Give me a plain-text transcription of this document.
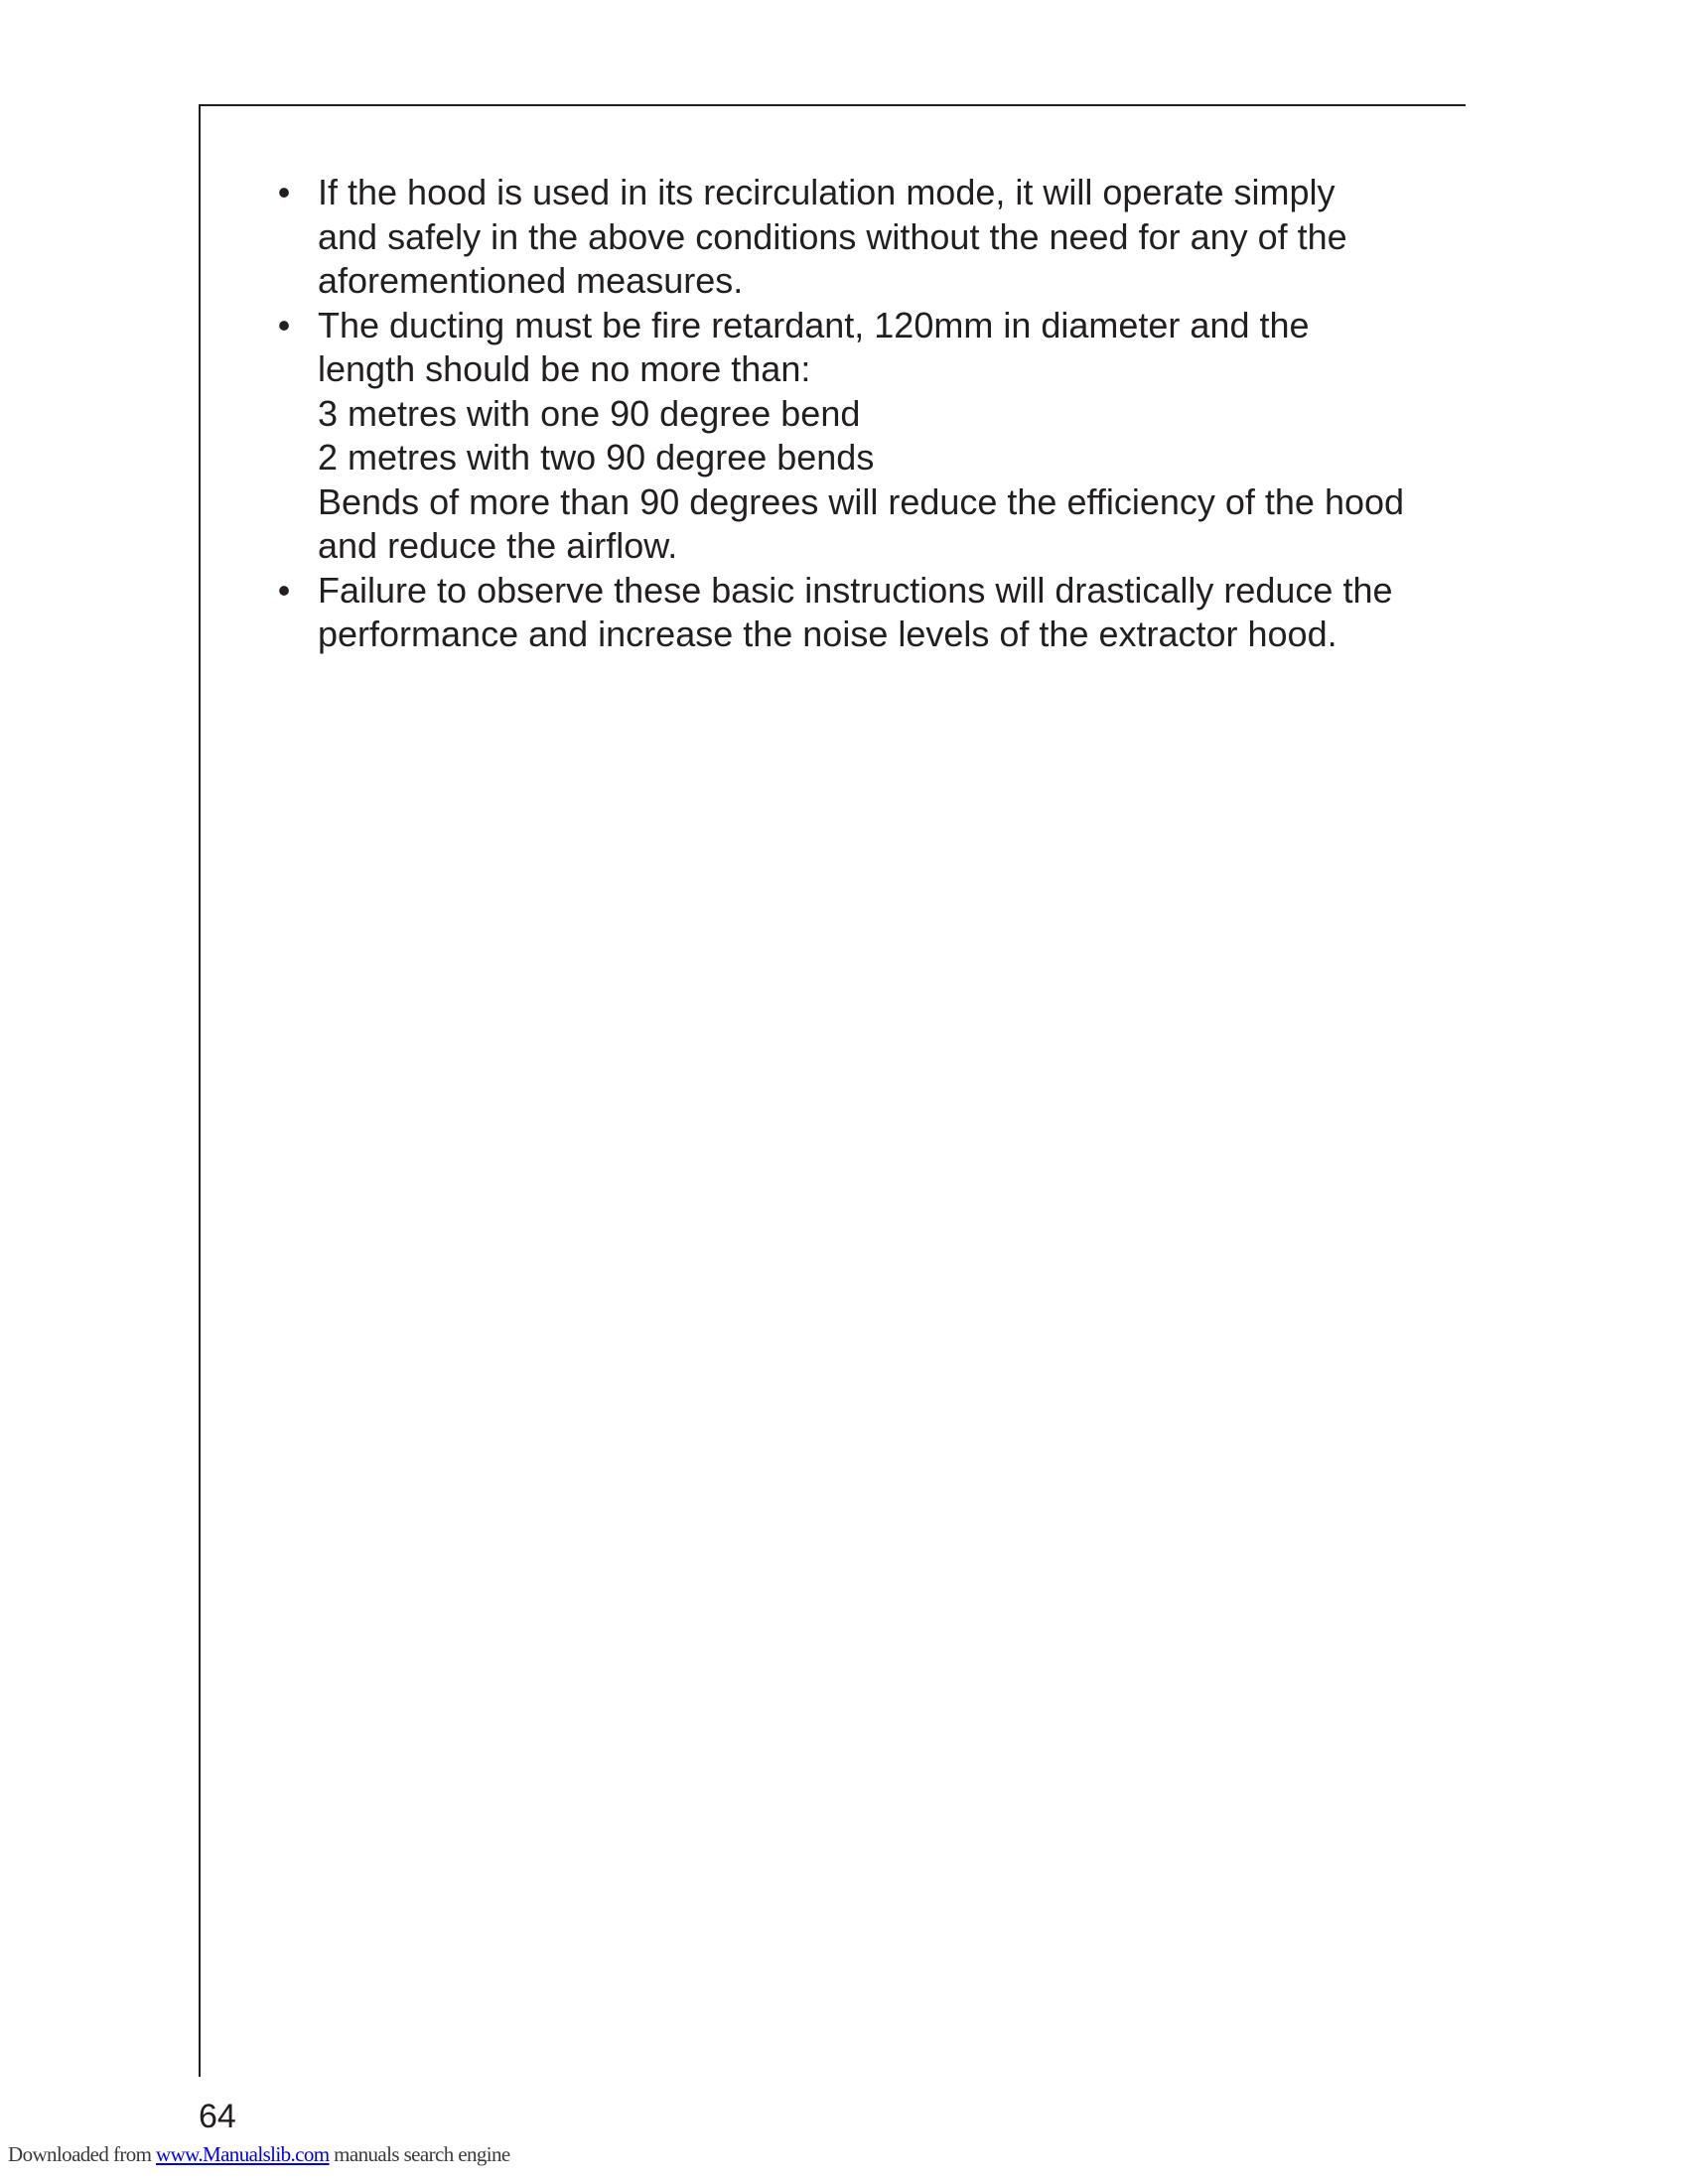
• If the hood is used in its recirculation mode, it will operate simply
and safely in the above conditions without the need for any of the
aforementioned measures.
• The ducting must be fire retardant, 120mm in diameter and the
length should be no more than:
3 metres with one 90 degree bend
2 metres with two 90 degree bends
Bends of more than 90 degrees will reduce the efficiency of the hood
and reduce the airflow.
• Failure to observe these basic instructions will drastically reduce the
performance and increase the noise levels of the extractor hood.
64
Downloaded from www.Manualslib.com manuals search engine
